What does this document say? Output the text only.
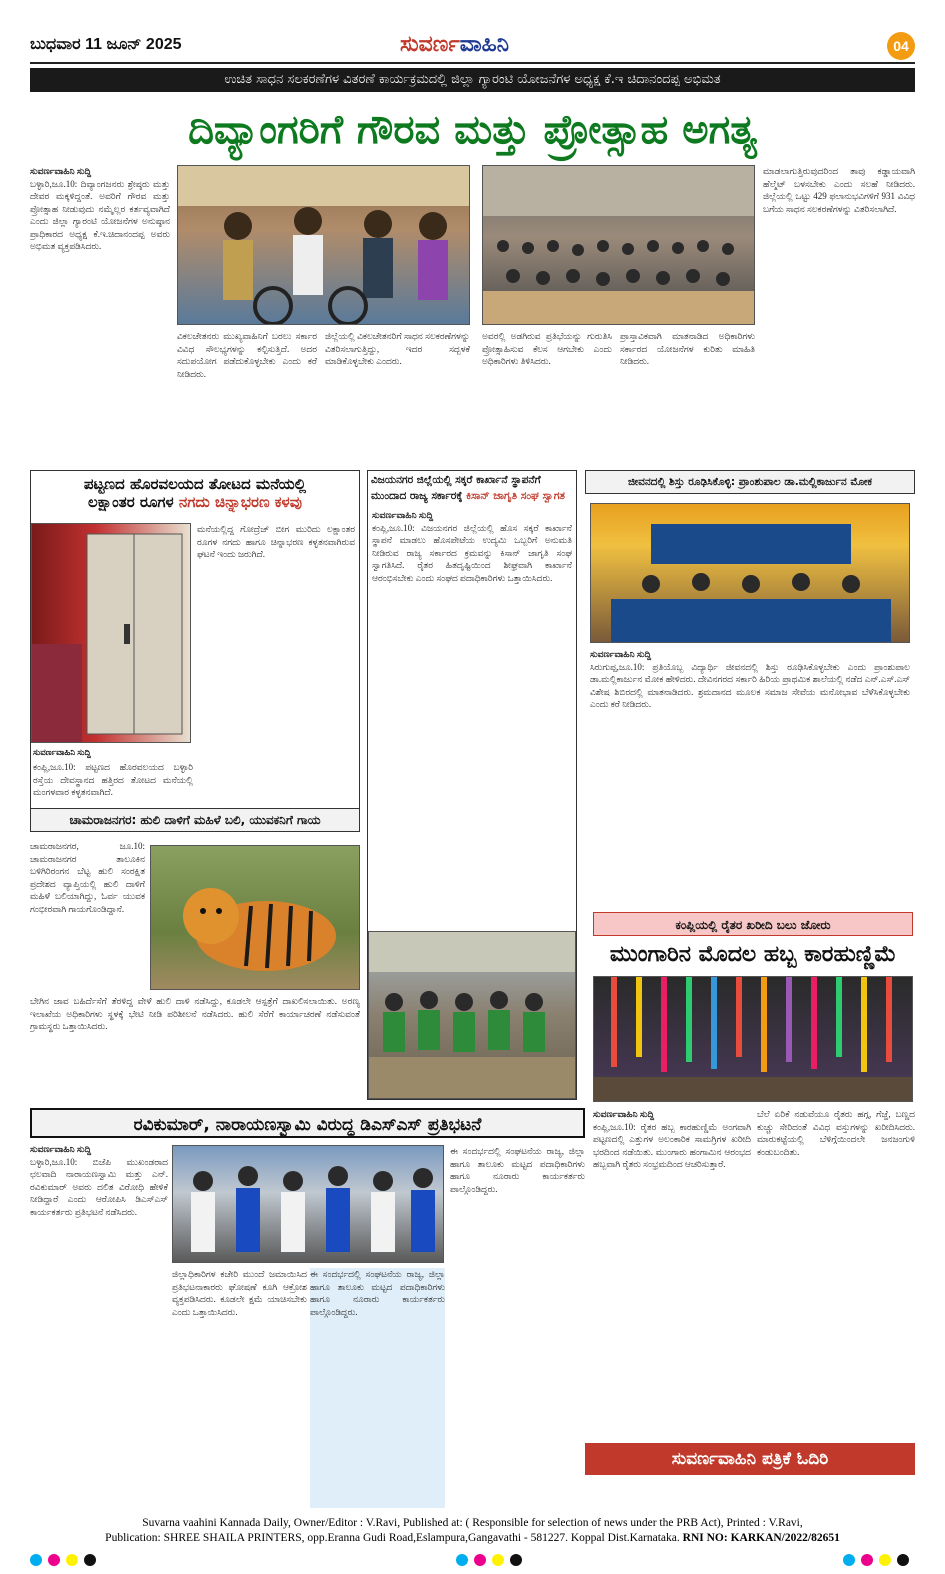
ಬುಧವಾರ 11 ಜೂನ್ 2025	ಸುವರ್ಣವಾಹಿನಿ	04
ಉಚಿತ ಸಾಧನ ಸಲಕರಣೆಗಳ ವಿತರಣೆ ಕಾರ್ಯಕ್ರಮದಲ್ಲಿ ಜಿಲ್ಲಾ ಗ್ಯಾರಂಟಿ ಯೋಜನೆಗಳ ಅಧ್ಯಕ್ಷ ಕೆ.ಇ ಚಿದಾನಂದಪ್ಪ ಅಭಿಮತ
ದಿವ್ಯಾಂಗರಿಗೆ ಗೌರವ ಮತ್ತು ಪ್ರೋತ್ಸಾಹ ಅಗತ್ಯ
ಸುವರ್ಣವಾಹಿನಿ ಸುದ್ದಿ
ಬಳ್ಳಾರಿ,ಜೂ.10: ದಿವ್ಯಾಂಗಜನರು ಶ್ರೇಷ್ಠರು ಮತ್ತು ದೇವರ ಮಕ್ಕಳಿದ್ದಂತೆ. ಅವರಿಗೆ ಗೌರವ ಮತ್ತು ಪ್ರೋತ್ಸಾಹ ನೀಡುವುದು ನಮ್ಮೆಲ್ಲರ ಕರ್ತವ್ಯವಾಗಿದೆ ಎಂದು ಜಿಲ್ಲಾ ಗ್ಯಾರಂಟಿ ಯೋಜನೆಗಳ ಅನುಷ್ಠಾನ ಪ್ರಾಧಿಕಾರದ ಅಧ್ಯಕ್ಷ ಕೆ.ಇ.ಚಿದಾನಂದಪ್ಪ ಅವರು ಅಭಿಮತ ವ್ಯಕ್ತಪಡಿಸಿದರು.
ವಿಕಲಚೇತನರು ಮುಖ್ಯವಾಹಿನಿಗೆ ಬರಲು ಸರ್ಕಾರ ವಿವಿಧ ಸೌಲಭ್ಯಗಳನ್ನು ಕಲ್ಪಿಸುತ್ತಿದೆ. ಅದರ ಸದುಪಯೋಗ ಪಡೆದುಕೊಳ್ಳಬೇಕು ಎಂದು ಕರೆ ನೀಡಿದರು.
ಜಿಲ್ಲೆಯಲ್ಲಿ ವಿಕಲಚೇತನರಿಗೆ ಸಾಧನ ಸಲಕರಣೆಗಳನ್ನು ವಿತರಿಸಲಾಗುತ್ತಿದ್ದು, ಇದರ ಸದ್ಬಳಕೆ ಮಾಡಿಕೊಳ್ಳಬೇಕು ಎಂದರು.
ಅವರಲ್ಲಿ ಅಡಗಿರುವ ಪ್ರತಿಭೆಯನ್ನು ಗುರುತಿಸಿ ಪ್ರೋತ್ಸಾಹಿಸುವ ಕೆಲಸ ಆಗಬೇಕು ಎಂದು ಅಧಿಕಾರಿಗಳು ತಿಳಿಸಿದರು.
ಪ್ರಾಸ್ತಾವಿಕವಾಗಿ ಮಾತನಾಡಿದ ಅಧಿಕಾರಿಗಳು ಸರ್ಕಾರದ ಯೋಜನೆಗಳ ಕುರಿತು ಮಾಹಿತಿ ನೀಡಿದರು.
ಮಾಡಲಾಗುತ್ತಿರುವುದರಿಂದ ತಾವು ಕಡ್ಡಾಯವಾಗಿ ಹೆಲ್ಮೆಟ್ ಬಳಸಬೇಕು ಎಂದು ಸಲಹೆ ನೀಡಿದರು. ಜಿಲ್ಲೆಯಲ್ಲಿ ಒಟ್ಟು 429 ಫಲಾನುಭವಿಗಳಿಗೆ 931 ವಿವಿಧ ಬಗೆಯ ಸಾಧನ ಸಲಕರಣೆಗಳನ್ನು ವಿತರಿಸಲಾಗಿದೆ.
ಪಟ್ಟಣದ ಹೊರವಲಯದ ತೋಟದ ಮನೆಯಲ್ಲಿ
ಲಕ್ಷಾಂತರ ರೂಗಳ ನಗದು ಚಿನ್ನಾಭರಣ ಕಳವು
ಮನೆಯಲ್ಲಿದ್ದ ಗೋದ್ರೆಜ್ ಬೀಗ ಮುರಿದು ಲಕ್ಷಾಂತರ ರೂಗಳ ನಗದು ಹಾಗೂ ಚಿನ್ನಾಭರಣ ಕಳ್ಳತನವಾಗಿರುವ ಘಟನೆ ಇಂದು ಜರುಗಿದೆ.
ಸುವರ್ಣವಾಹಿನಿ ಸುದ್ದಿ
ಕಂಪ್ಲಿ,ಜೂ.10: ಪಟ್ಟಣದ ಹೊರವಲಯದ ಬಳ್ಳಾರಿ ರಸ್ತೆಯ ದೇವಸ್ಥಾನದ ಹತ್ತಿರದ ತೋಟದ ಮನೆಯಲ್ಲಿ ಮಂಗಳವಾರ ಕಳ್ಳತನವಾಗಿದೆ.
ಚಾಮರಾಜನಗರ: ಹುಲಿ ದಾಳಿಗೆ ಮಹಿಳೆ ಬಲಿ, ಯುವಕನಿಗೆ ಗಾಯ
ಚಾಮರಾಜನಗರ, ಜೂ.10: ಚಾಮರಾಜನಗರ ತಾಲೂಕಿನ ಬಳಿಗಿರಿರಂಗನ ಬೆಟ್ಟ ಹುಲಿ ಸಂರಕ್ಷಿತ ಪ್ರದೇಶದ ವ್ಯಾಪ್ತಿಯಲ್ಲಿ ಹುಲಿ ದಾಳಿಗೆ ಮಹಿಳೆ ಬಲಿಯಾಗಿದ್ದು, ಓರ್ವ ಯುವಕ ಗಂಭೀರವಾಗಿ ಗಾಯಗೊಂಡಿದ್ದಾನೆ.
ಬೇಗಿನ ಜಾವ ಬಹಿರ್ದೆಸೆಗೆ ತೆರಳಿದ್ದ ವೇಳೆ ಹುಲಿ ದಾಳಿ ನಡೆಸಿದ್ದು, ಕೂಡಲೇ ಆಸ್ಪತ್ರೆಗೆ ದಾಖಲಿಸಲಾಯಿತು. ಅರಣ್ಯ ಇಲಾಖೆಯ ಅಧಿಕಾರಿಗಳು ಸ್ಥಳಕ್ಕೆ ಭೇಟಿ ನೀಡಿ ಪರಿಶೀಲನೆ ನಡೆಸಿದರು. ಹುಲಿ ಸೆರೆಗೆ ಕಾರ್ಯಾಚರಣೆ ನಡೆಸುವಂತೆ ಗ್ರಾಮಸ್ಥರು ಒತ್ತಾಯಿಸಿದರು.
ವಿಜಯನಗರ ಜಿಲ್ಲೆಯಲ್ಲಿ ಸಕ್ಕರೆ ಕಾರ್ಖಾನೆ ಸ್ಥಾಪನೆಗೆ
ಮುಂದಾದ ರಾಜ್ಯ ಸರ್ಕಾರಕ್ಕೆ ಕಿಸಾನ್ ಜಾಗೃತಿ ಸಂಘ ಸ್ವಾಗತ
ಸುವರ್ಣವಾಹಿನಿ ಸುದ್ದಿ
ಕಂಪ್ಲಿ,ಜೂ.10: ವಿಜಯನಗರ ಜಿಲ್ಲೆಯಲ್ಲಿ ಹೊಸ ಸಕ್ಕರೆ ಕಾರ್ಖಾನೆ ಸ್ಥಾಪನೆ ಮಾಡಲು ಹೊಸಪೇಟೆಯ ಉದ್ಯಮಿ ಒಬ್ಬರಿಗೆ ಅನುಮತಿ ನೀಡಿರುವ ರಾಜ್ಯ ಸರ್ಕಾರದ ಕ್ರಮವನ್ನು ಕಿಸಾನ್ ಜಾಗೃತಿ ಸಂಘ ಸ್ವಾಗತಿಸಿದೆ. ರೈತರ ಹಿತದೃಷ್ಟಿಯಿಂದ ಶೀಘ್ರವಾಗಿ ಕಾರ್ಖಾನೆ ಆರಂಭಿಸಬೇಕು ಎಂದು ಸಂಘದ ಪದಾಧಿಕಾರಿಗಳು ಒತ್ತಾಯಿಸಿದರು.
ಜೀವನದಲ್ಲಿ ಶಿಸ್ತು ರೂಢಿಸಿಕೊಳ್ಳಿ: ಪ್ರಾಂಶುಪಾಲ ಡಾ.ಮಲ್ಲಿಕಾರ್ಜುನ ಮೋಕ
ಸುವರ್ಣವಾಹಿನಿ ಸುದ್ದಿ
ಸಿರುಗುಪ್ಪ,ಜೂ.10: ಪ್ರತಿಯೊಬ್ಬ ವಿದ್ಯಾರ್ಥಿ ಜೀವನದಲ್ಲಿ ಶಿಸ್ತು ರೂಢಿಸಿಕೊಳ್ಳಬೇಕು ಎಂದು ಪ್ರಾಂಶುಪಾಲ ಡಾ.ಮಲ್ಲಿಕಾರ್ಜುನ ಮೋಕ ಹೇಳಿದರು. ದೇವಿನಗರದ ಸರ್ಕಾರಿ ಹಿರಿಯ ಪ್ರಾಥಮಿಕ ಶಾಲೆಯಲ್ಲಿ ನಡೆದ ಎನ್.ಎಸ್.ಎಸ್ ವಿಶೇಷ ಶಿಬಿರದಲ್ಲಿ ಮಾತನಾಡಿದರು. ಶ್ರಮದಾನದ ಮೂಲಕ ಸಮಾಜ ಸೇವೆಯ ಮನೋಭಾವ ಬೆಳೆಸಿಕೊಳ್ಳಬೇಕು ಎಂದು ಕರೆ ನೀಡಿದರು.
ಕಂಪ್ಲಿಯಲ್ಲಿ ರೈತರ ಖರೀದಿ ಬಲು ಜೋರು
ಮುಂಗಾರಿನ ಮೊದಲ ಹಬ್ಬ ಕಾರಹುಣ್ಣಿಮೆ
ಸುವರ್ಣವಾಹಿನಿ ಸುದ್ದಿ
ಕಂಪ್ಲಿ,ಜೂ.10: ರೈತರ ಹಬ್ಬ ಕಾರಹುಣ್ಣಿಮೆ ಅಂಗವಾಗಿ ಪಟ್ಟಣದಲ್ಲಿ ಎತ್ತುಗಳ ಅಲಂಕಾರಿಕ ಸಾಮಗ್ರಿಗಳ ಖರೀದಿ ಭರದಿಂದ ನಡೆಯಿತು. ಮುಂಗಾರು ಹಂಗಾಮಿನ ಆರಂಭದ ಹಬ್ಬವಾಗಿ ರೈತರು ಸಂಭ್ರಮದಿಂದ ಆಚರಿಸುತ್ತಾರೆ.
ಬೆಲೆ ಏರಿಕೆ ನಡುವೆಯೂ ರೈತರು ಹಗ್ಗ, ಗೆಜ್ಜೆ, ಬಣ್ಣದ ಕುಚ್ಚು ಸೇರಿದಂತೆ ವಿವಿಧ ವಸ್ತುಗಳನ್ನು ಖರೀದಿಸಿದರು. ಮಾರುಕಟ್ಟೆಯಲ್ಲಿ ಬೆಳಿಗ್ಗೆಯಿಂದಲೇ ಜನಜಂಗುಳಿ ಕಂಡುಬಂದಿತು.
ರವಿಕುಮಾರ್, ನಾರಾಯಣಸ್ವಾಮಿ ವಿರುದ್ಧ ಡಿಎಸ್‌ಎಸ್ ಪ್ರತಿಭಟನೆ
ಸುವರ್ಣವಾಹಿನಿ ಸುದ್ದಿ
ಬಳ್ಳಾರಿ,ಜೂ.10: ಬಿಜೆಪಿ ಮುಖಂಡರಾದ ಛಲವಾದಿ ನಾರಾಯಣಸ್ವಾಮಿ ಮತ್ತು ಎನ್. ರವಿಕುಮಾರ್ ಅವರು ದಲಿತ ವಿರೋಧಿ ಹೇಳಿಕೆ ನೀಡಿದ್ದಾರೆ ಎಂದು ಆರೋಪಿಸಿ ಡಿಎಸ್‌ಎಸ್ ಕಾರ್ಯಕರ್ತರು ಪ್ರತಿಭಟನೆ ನಡೆಸಿದರು.
ಜಿಲ್ಲಾಧಿಕಾರಿಗಳ ಕಚೇರಿ ಮುಂದೆ ಜಮಾಯಿಸಿದ ಪ್ರತಿಭಟನಾಕಾರರು ಘೋಷಣೆ ಕೂಗಿ ಆಕ್ರೋಶ ವ್ಯಕ್ತಪಡಿಸಿದರು. ಕೂಡಲೇ ಕ್ಷಮೆ ಯಾಚಿಸಬೇಕು ಎಂದು ಒತ್ತಾಯಿಸಿದರು.
ಈ ಸಂದರ್ಭದಲ್ಲಿ ಸಂಘಟನೆಯ ರಾಜ್ಯ, ಜಿಲ್ಲಾ ಹಾಗೂ ತಾಲೂಕು ಮಟ್ಟದ ಪದಾಧಿಕಾರಿಗಳು ಹಾಗೂ ನೂರಾರು ಕಾರ್ಯಕರ್ತರು ಪಾಲ್ಗೊಂಡಿದ್ದರು.
ಈ ಸಂದರ್ಭದಲ್ಲಿ ಸಂಘಟನೆಯ ರಾಜ್ಯ, ಜಿಲ್ಲಾ ಹಾಗೂ ತಾಲೂಕು ಮಟ್ಟದ ಪದಾಧಿಕಾರಿಗಳು ಹಾಗೂ ನೂರಾರು ಕಾರ್ಯಕರ್ತರು ಪಾಲ್ಗೊಂಡಿದ್ದರು.
ಸುವರ್ಣವಾಹಿನಿ ಪತ್ರಿಕೆ ಓದಿರಿ
Suvarna vaahini Kannada Daily, Owner/Editor : V.Ravi, Published at: ( Responsible for selection of news under the PRB Act), Printed : V.Ravi,
Publication: SHREE SHAILA PRINTERS, opp.Eranna Gudi Road,Eslampura,Gangavathi - 581227. Koppal Dist.Karnataka. RNI NO: KARKAN/2022/82651
